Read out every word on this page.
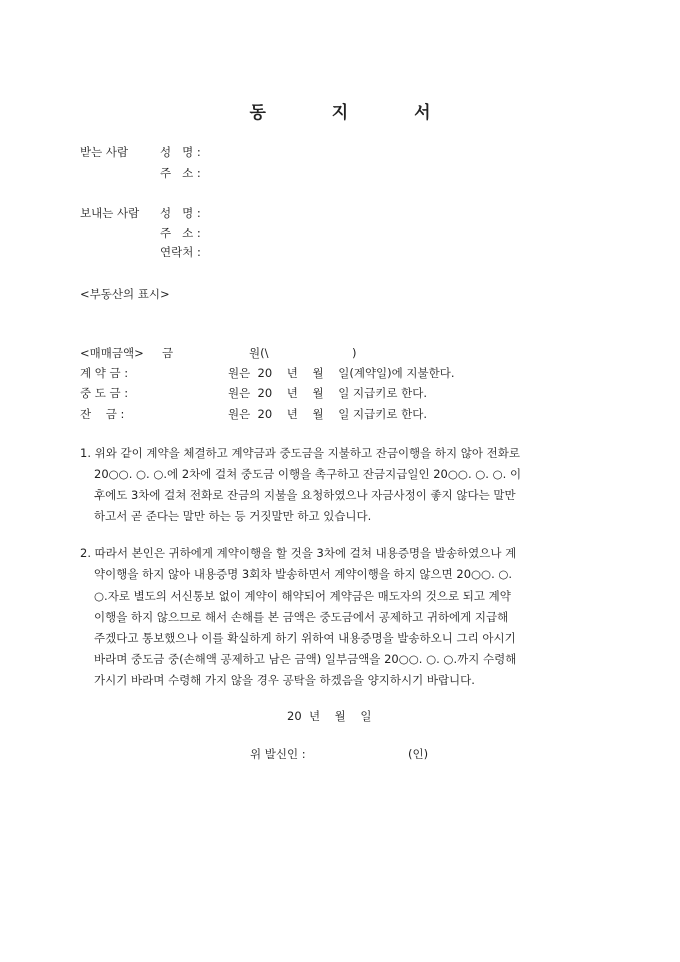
동 지 서
받는 사람	성   명 :
주   소 :
보내는 사람 성   명 :
주   소 :
연락처 :
<부동산의 표시>
<매매금액> 금	원(\	)
계 약 금 :	원은  20    년    월    일(계약일)에 지불한다.
중 도 금 :	원은  20    년    월    일 지급키로 한다.
잔    금 :	원은  20    년    월    일 지급키로 한다.
1. 위와 같이 계약을 체결하고 계약금과 중도금을 지불하고 잔금이행을 하지 않아 전화로
20○○. ○. ○.에 2차에 걸쳐 중도금 이행을 촉구하고 잔금지급일인 20○○. ○. ○. 이
후에도 3차에 걸쳐 전화로 잔금의 지불을 요청하였으나 자금사정이 좋지 않다는 말만
하고서 곧 준다는 말만 하는 등 거짓말만 하고 있습니다.
2. 따라서 본인은 귀하에게 계약이행을 할 것을 3차에 걸쳐 내용증명을 발송하였으나 계
약이행을 하지 않아 내용증명 3회차 발송하면서 계약이행을 하지 않으면 20○○. ○.
○.자로 별도의 서신통보 없이 계약이 해약되어 계약금은 매도자의 것으로 되고 계약
이행을 하지 않으므로 해서 손해를 본 금액은 중도금에서 공제하고 귀하에게 지급해
주겠다고 통보했으나 이를 확실하게 하기 위하여 내용증명을 발송하오니 그리 아시기
바라며 중도금 중(손해액 공제하고 남은 금액) 일부금액을 20○○. ○. ○.까지 수령해
가시기 바라며 수령해 가지 않을 경우 공탁을 하겠음을 양지하시기 바랍니다.
20  년    월    일
위 발신인 :	(인)
